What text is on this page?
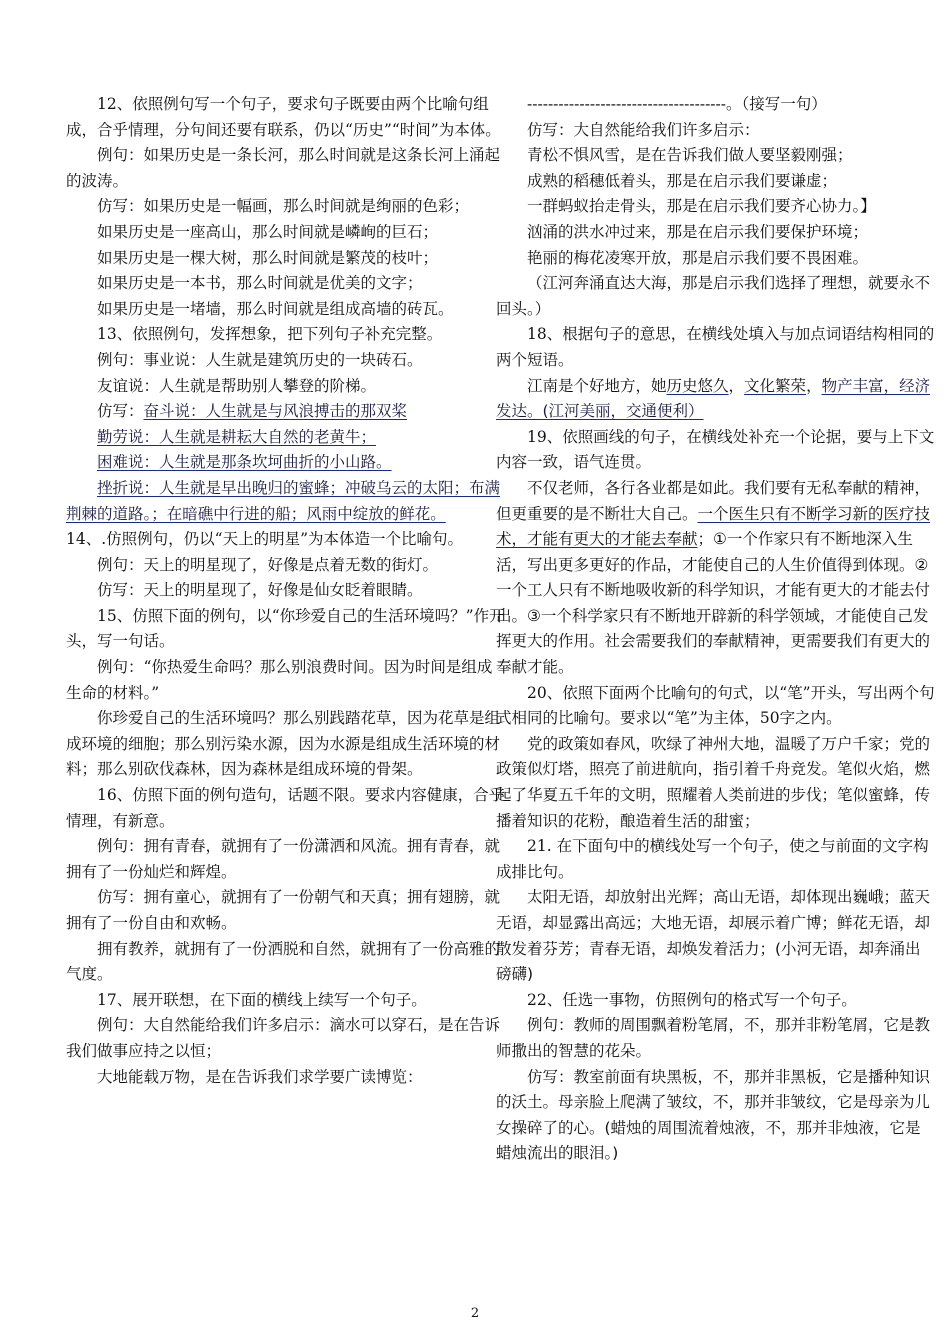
12、依照例句写一个句子，要求句子既要由两个比喻句组成，合乎情理，分句间还要有联系，仍以“历史”“时间”为本体。

例句：如果历史是一条长河，那么时间就是这条长河上涌起的波涛。

仿写：如果历史是一幅画，那么时间就是绚丽的色彩；

如果历史是一座高山，那么时间就是嶙峋的巨石；

如果历史是一棵大树，那么时间就是繁茂的枝叶；

如果历史是一本书，那么时间就是优美的文字；

如果历史是一堵墙，那么时间就是组成高墙的砖瓦。

13、依照例句，发挥想象，把下列句子补充完整。

例句：事业说：人生就是建筑历史的一块砖石。

友谊说：人生就是帮助别人攀登的阶梯。

仿写：奋斗说：人生就是与风浪搏击的那双桨

勤劳说：人生就是耕耘大自然的老黄牛；

困难说：人生就是那条坎坷曲折的小山路。

挫折说：人生就是早出晚归的蜜蜂；冲破乌云的太阳；布满荆棘的道路。；在暗礁中行进的船；风雨中绽放的鲜花。

14、.仿照例句，仍以“天上的明星”为本体造一个比喻句。

例句：天上的明星现了，好像是点着无数的街灯。

仿写：天上的明星现了，好像是仙女眨着眼睛。

15、仿照下面的例句，以“你珍爱自己的生活环境吗？”作开头，写一句话。

例句：“你热爱生命吗？那么别浪费时间。因为时间是组成生命的材料。”

你珍爱自己的生活环境吗？那么别践踏花草，因为花草是组成环境的细胞；那么别污染水源，因为水源是组成生活环境的材料；那么别砍伐森林，因为森林是组成环境的骨架。

16、仿照下面的例句造句，话题不限。要求内容健康，合乎情理，有新意。

例句：拥有青春，就拥有了一份潇洒和风流。拥有青春，就拥有了一份灿烂和辉煌。

仿写：拥有童心，就拥有了一份朝气和天真；拥有翅膀，就拥有了一份自由和欢畅。

拥有教养，就拥有了一份洒脱和自然，就拥有了一份高雅的气度。

17、展开联想，在下面的横线上续写一个句子。

例句：大自然能给我们许多启示：滴水可以穿石，是在告诉我们做事应持之以恒；

大地能载万物，是在告诉我们求学要广读博览：

--------------------------------------。（接写一句）

仿写：大自然能给我们许多启示：

青松不惧风雪，是在告诉我们做人要坚毅刚强；

成熟的稻穗低着头，那是在启示我们要谦虚；

一群蚂蚁抬走骨头，那是在启示我们要齐心协力。】

汹涌的洪水冲过来，那是在启示我们要保护环境；

艳丽的梅花凌寒开放，那是启示我们要不畏困难。

（江河奔涌直达大海，那是启示我们选择了理想，就要永不回头。）

18、根据句子的意思，在横线处填入与加点词语结构相同的两个短语。

江南是个好地方，她历史悠久，文化繁荣，物产丰富，经济发达。(江河美丽，交通便利）

19、依照画线的句子，在横线处补充一个论据，要与上下文内容一致，语气连贯。

不仅老师，各行各业都是如此。我们要有无私奉献的精神，但更重要的是不断壮大自己。一个医生只有不断学习新的医疗技术，才能有更大的才能去奉献；①一个作家只有不断地深入生活，写出更多更好的作品，才能使自己的人生价值得到体现。②一个工人只有不断地吸收新的科学知识，才能有更大的才能去付出。③一个科学家只有不断地开辟新的科学领域，才能使自己发挥更大的作用。社会需要我们的奉献精神，更需要我们有更大的奉献才能。

20、依照下面两个比喻句的句式，以“笔”开头，写出两个句式相同的比喻句。要求以“笔”为主体，50字之内。

党的政策如春风，吹绿了神州大地，温暖了万户千家；党的政策似灯塔，照亮了前进航向，指引着千舟竞发。笔似火焰，燃起了华夏五千年的文明，照耀着人类前进的步伐；笔似蜜蜂，传播着知识的花粉，酿造着生活的甜蜜；

21. 在下面句中的横线处写一个句子，使之与前面的文字构成排比句。

太阳无语，却放射出光辉；高山无语，却体现出巍峨；蓝天无语，却显露出高远；大地无语，却展示着广博；鲜花无语，却散发着芬芳；青春无语，却焕发着活力；(小河无语，却奔涌出磅礴)

22、任选一事物，仿照例句的格式写一个句子。

例句：教师的周围飘着粉笔屑，不，那并非粉笔屑，它是教师撒出的智慧的花朵。

仿写：教室前面有块黑板，不，那并非黑板，它是播种知识的沃土。母亲脸上爬满了皱纹，不，那并非皱纹，它是母亲为儿女操碎了的心。(蜡烛的周围流着烛液，不，那并非烛液，它是蜡烛流出的眼泪。)

2
